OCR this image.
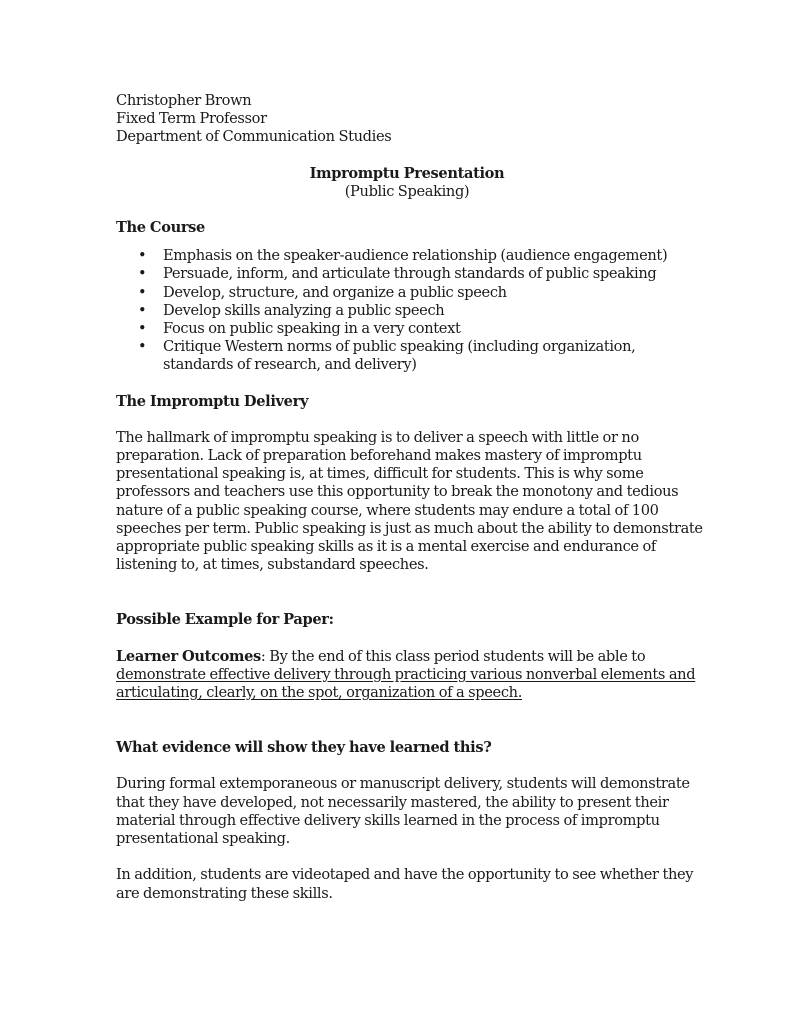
Christopher Brown
Fixed Term Professor
Department of Communication Studies
Impromptu Presentation
(Public Speaking)
The Course
• Emphasis on the speaker-audience relationship (audience engagement)
• Persuade, inform, and articulate through standards of public speaking
• Develop, structure, and organize a public speech
• Develop skills analyzing a public speech
• Focus on public speaking in a very context
• Critique Western norms of public speaking (including organization,
standards of research, and delivery)
The Impromptu Delivery
The hallmark of impromptu speaking is to deliver a speech with little or no
preparation. Lack of preparation beforehand makes mastery of impromptu
presentational speaking is, at times, difficult for students. This is why some
professors and teachers use this opportunity to break the monotony and tedious
nature of a public speaking course, where students may endure a total of 100
speeches per term. Public speaking is just as much about the ability to demonstrate
appropriate public speaking skills as it is a mental exercise and endurance of
listening to, at times, substandard speeches.
Possible Example for Paper:
Learner Outcomes: By the end of this class period students will be able to
demonstrate effective delivery through practicing various nonverbal elements and
articulating, clearly, on the spot, organization of a speech.
What evidence will show they have learned this?
During formal extemporaneous or manuscript delivery, students will demonstrate
that they have developed, not necessarily mastered, the ability to present their
material through effective delivery skills learned in the process of impromptu
presentational speaking.
In addition, students are videotaped and have the opportunity to see whether they
are demonstrating these skills.
